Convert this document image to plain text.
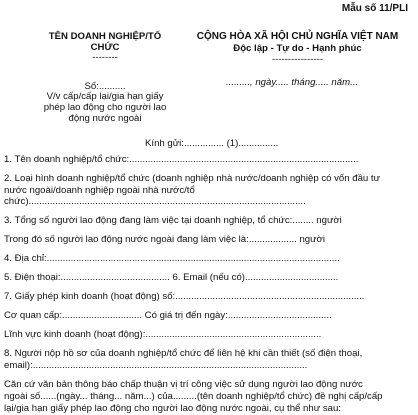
Mẫu số 11/PLI
TÊN DOANH NGHIỆP/TỔ
CHỨC
--------
Số:..........
V/v cấp/cấp lại/gia hạn giấy
phép lao động cho người lao
động nước ngoài
CỘNG HÒA XÃ HỘI CHỦ NGHĨA VIỆT NAM
Độc lập - Tự do - Hạnh phúc
----------------
........., ngày..... tháng..... năm...
Kính gửi:............... (1)...............
1. Tên doanh nghiệp/tổ chức:......................................................................................
2. Loại hình doanh nghiệp/tổ chức (doanh nghiệp nhà nước/doanh nghiệp có vốn đầu tư
nước ngoài/doanh nghiệp ngoài nhà nước/tổ
chức)........................................................................................................
3. Tổng số người lao động đang làm việc tại doanh nghiệp, tổ chức:........ người
Trong đó số người lao động nước ngoài đang làm việc là:.................. người
4. Địa chỉ:..............................................................................................................
5. Điện thoại:......................................... 6. Email (nếu có)...................................
7. Giấy phép kinh doanh (hoạt động) số:.......................................................................
Cơ quan cấp:.............................. Có giá trị đến ngày:.......................................
Lĩnh vực kinh doanh (hoạt động):..................................................................
8. Người nộp hồ sơ của doanh nghiệp/tổ chức để liên hệ khi cần thiết (số điện thoại,
email):.......................................................................................................
Căn cứ văn bản thông báo chấp thuận vị trí công việc sử dụng người lao động nước
ngoài số......(ngày... tháng... năm...) của.........(tên doanh nghiệp/tổ chức) đề nghị cấp/cấp
lại/gia hạn giấy phép lao động cho người lao động nước ngoài, cụ thể như sau:
